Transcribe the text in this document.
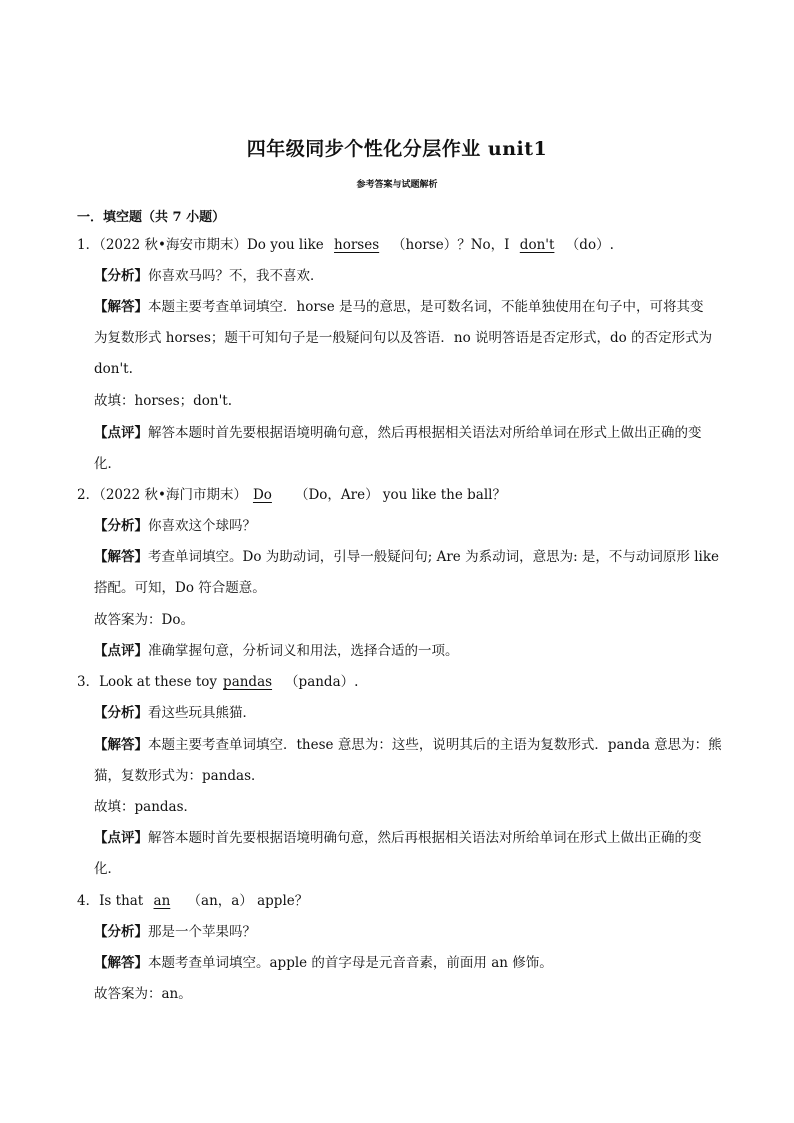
四年级同步个性化分层作业 unit1
参考答案与试题解析
一．填空题（共 7 小题）
1．（2022 秋•海安市期末）Do you like horses （horse）？No，I don't （do）.
【分析】你喜欢马吗？不，我不喜欢．
【解答】本题主要考查单词填空．horse 是马的意思，是可数名词，不能单独使用在句子中，可将其变
为复数形式 horses；题干可知句子是一般疑问句以及答语．no 说明答语是否定形式，do 的否定形式为
don't.
故填：horses；don't.
【点评】解答本题时首先要根据语境明确句意，然后再根据相关语法对所给单词在形式上做出正确的变
化．
2．（2022 秋•海门市期末） Do （Do，Are） you like the ball？
【分析】你喜欢这个球吗？
【解答】考查单词填空。Do 为助动词，引导一般疑问句; Are 为系动词，意思为: 是，不与动词原形 like
搭配。可知，Do 符合题意。
故答案为：Do。
【点评】准确掌握句意，分析词义和用法，选择合适的一项。
3．Look at these toy pandas （panda）.
【分析】看这些玩具熊猫．
【解答】本题主要考查单词填空．these 意思为：这些，说明其后的主语为复数形式．panda 意思为：熊
猫，复数形式为：pandas．
故填：pandas．
【点评】解答本题时首先要根据语境明确句意，然后再根据相关语法对所给单词在形式上做出正确的变
化．
4．Is that an （an，a） apple？
【分析】那是一个苹果吗？
【解答】本题考查单词填空。apple 的首字母是元音音素，前面用 an 修饰。
故答案为：an。
